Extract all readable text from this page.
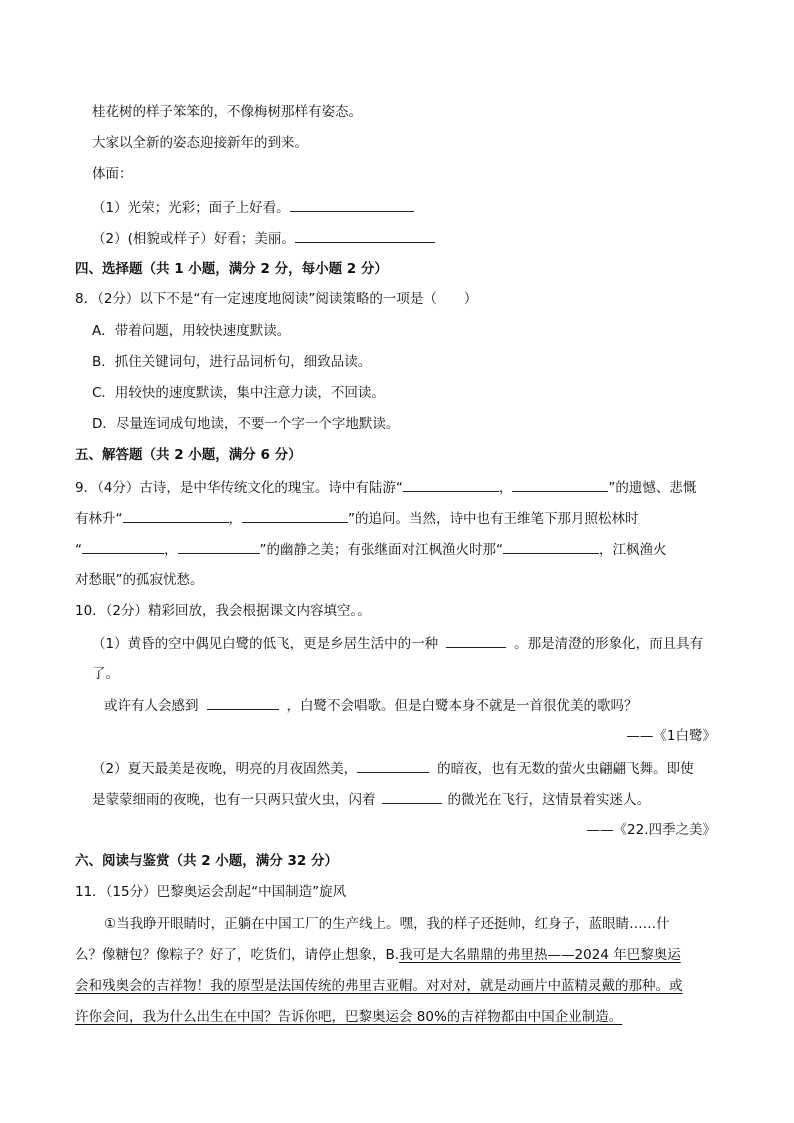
桂花树的样子笨笨的，不像梅树那样有姿态。
大家以全新的姿态迎接新年的到来。
体面：
（1）光荣；光彩；面子上好看。
（2）(相貌或样子）好看；美丽。
四、选择题（共 1 小题，满分 2 分，每小题 2 分）
8．（2分）以下不是“有一定速度地阅读”阅读策略的一项是（　　）
A．带着问题，用较快速度默读。
B．抓住关键词句，进行品词析句，细致品读。
C．用较快的速度默读，集中注意力读，不回读。
D．尽量连词成句地读，不要一个字一个字地默读。
五、解答题（共 2 小题，满分 6 分）
9．（4分）古诗，是中华传统文化的瑰宝。诗中有陆游“	，	”的遗憾、悲慨
有林升“	，	”的追问。当然，诗中也有王维笔下那月照松林时
“	，	”的幽静之美；有张继面对江枫渔火时那“	，江枫渔火
对愁眠”的孤寂忧愁。
10．（2分）精彩回放，我会根据课文内容填空。。
（1）黄昏的空中偶见白鹭的低飞，更是乡居生活中的一种	。那是清澄的形象化，而且具有
了。
或许有人会感到	，白鹭不会唱歌。但是白鹭本身不就是一首很优美的歌吗？
——《1白鹭》
（2）夏天最美是夜晚，明亮的月夜固然美，	的暗夜，也有无数的萤火虫翩翩飞舞。即使
是蒙蒙细雨的夜晚，也有一只两只萤火虫，闪着	的微光在飞行，这情景着实迷人。
——《22.四季之美》
六、阅读与鉴赏（共 2 小题，满分 32 分）
11．（15分）巴黎奥运会刮起“中国制造”旋风
①当我睁开眼睛时，正躺在中国工厂的生产线上。嘿，我的样子还挺帅，红身子，蓝眼睛……什
么？像糖包？像粽子？好了，吃货们，请停止想象，B.我可是大名鼎鼎的弗里热——2024 年巴黎奥运
会和残奥会的吉祥物！我的原型是法国传统的弗里吉亚帽。对对对，就是动画片中蓝精灵戴的那种。或
许你会问，我为什么出生在中国？告诉你吧，巴黎奥运会 80%的吉祥物都由中国企业制造。
